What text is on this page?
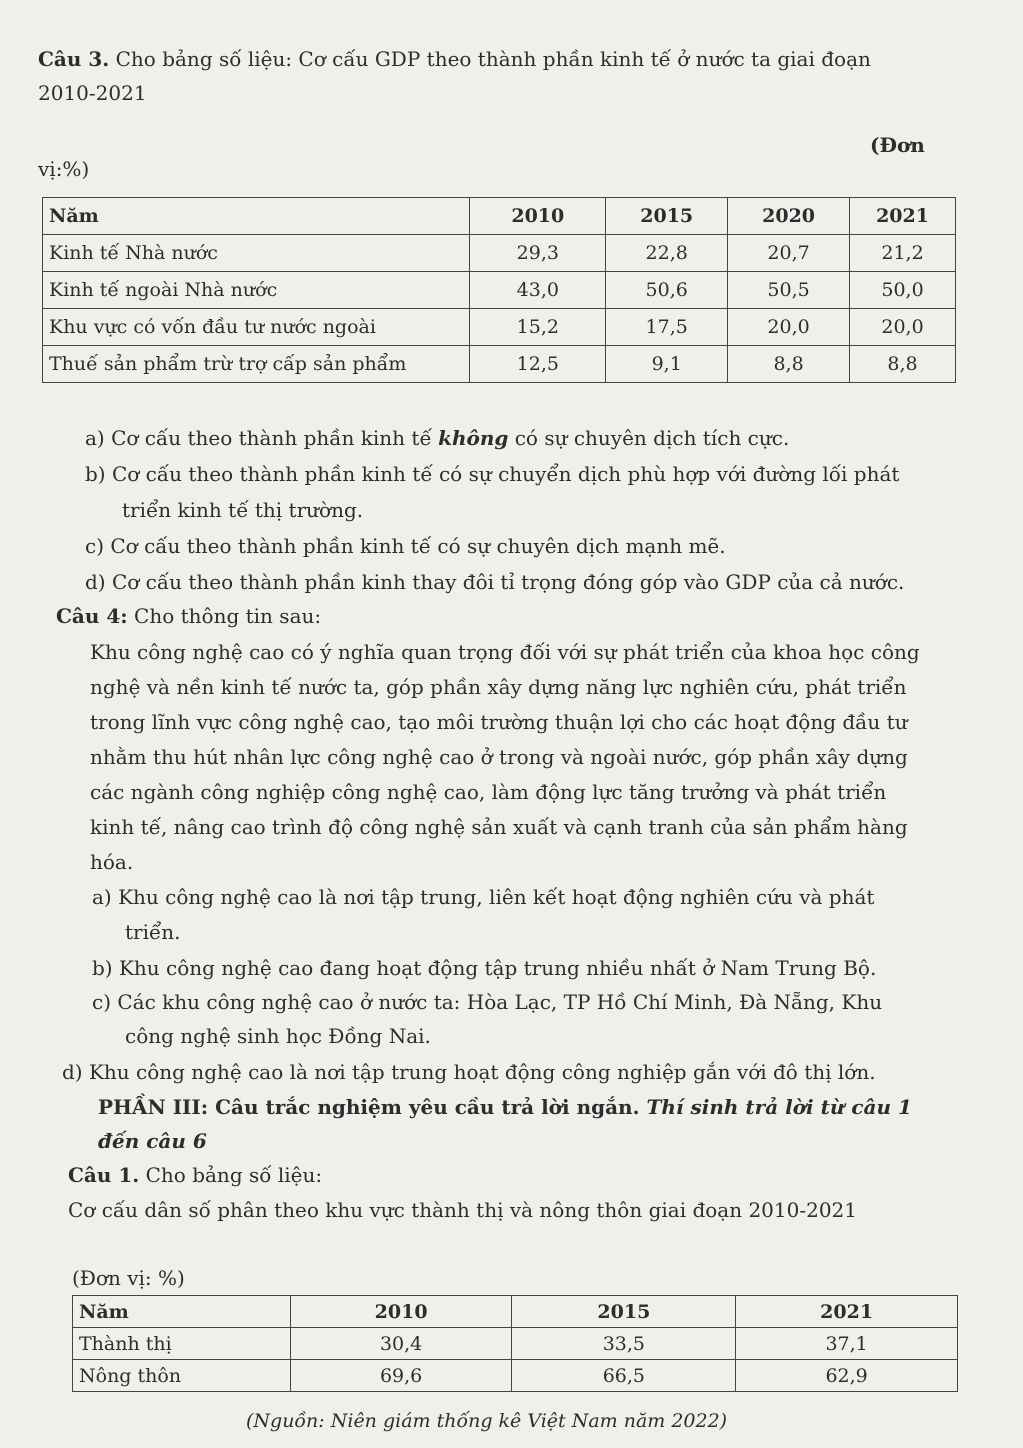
Câu 3. Cho bảng số liệu: Cơ cấu GDP theo thành phần kinh tế ở nước ta giai đoạn
2010-2021
(Đơn
vị:%)
Năm	2010	2015	2020	2021
Kinh tế Nhà nước	29,3	22,8	20,7	21,2
Kinh tế ngoài Nhà nước	43,0	50,6	50,5	50,0
Khu vực có vốn đầu tư nước ngoài	15,2	17,5	20,0	20,0
Thuế sản phẩm trừ trợ cấp sản phẩm	12,5	9,1	8,8	8,8
a) Cơ cấu theo thành phần kinh tế không có sự chuyên dịch tích cực.
b) Cơ cấu theo thành phần kinh tế có sự chuyển dịch phù hợp với đường lối phát
triển kinh tế thị trường.
c) Cơ cấu theo thành phần kinh tế có sự chuyên dịch mạnh mẽ.
d) Cơ cấu theo thành phần kinh thay đôi tỉ trọng đóng góp vào GDP của cả nước.
Câu 4: Cho thông tin sau:
Khu công nghệ cao có ý nghĩa quan trọng đối với sự phát triển của khoa học công
nghệ và nền kinh tế nước ta, góp phần xây dựng năng lực nghiên cứu, phát triển
trong lĩnh vực công nghệ cao, tạo môi trường thuận lợi cho các hoạt động đầu tư
nhằm thu hút nhân lực công nghệ cao ở trong và ngoài nước, góp phần xây dựng
các ngành công nghiệp công nghệ cao, làm động lực tăng trưởng và phát triển
kinh tế, nâng cao trình độ công nghệ sản xuất và cạnh tranh của sản phẩm hàng
hóa.
a) Khu công nghệ cao là nơi tập trung, liên kết hoạt động nghiên cứu và phát
triển.
b) Khu công nghệ cao đang hoạt động tập trung nhiều nhất ở Nam Trung Bộ.
c) Các khu công nghệ cao ở nước ta: Hòa Lạc, TP Hồ Chí Minh, Đà Nẵng, Khu
công nghệ sinh học Đồng Nai.
d) Khu công nghệ cao là nơi tập trung hoạt động công nghiệp gắn với đô thị lớn.
PHẦN III: Câu trắc nghiệm yêu cầu trả lời ngắn. Thí sinh trả lời từ câu 1
đến câu 6
Câu 1. Cho bảng số liệu:
Cơ cấu dân số phân theo khu vực thành thị và nông thôn giai đoạn 2010-2021
(Đơn vị: %)
Năm	2010	2015	2021
Thành thị	30,4	33,5	37,1
Nông thôn	69,6	66,5	62,9
(Nguồn: Niên giám thống kê Việt Nam năm 2022)
